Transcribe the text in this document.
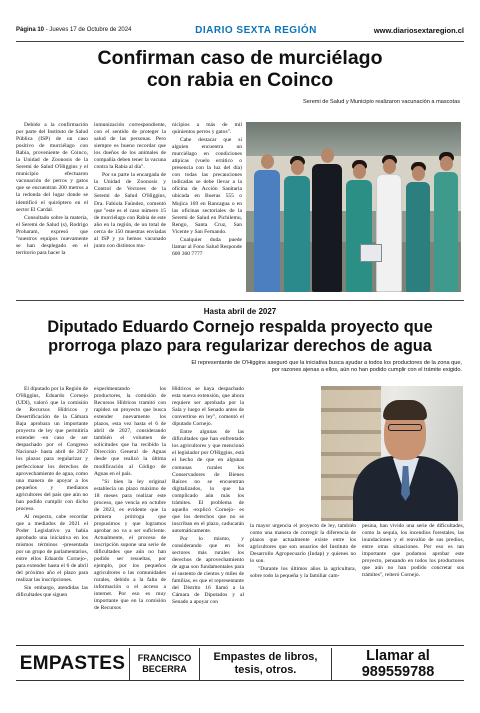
Página 10 - Jueves 17 de Octubre de 2024	DIARIO SEXTA REGIÓN	www.diariosextaregion.cl
Confirman caso de murciélago
con rabia en Coinco
Seremi de Salud y Municipio realizaron vacunación a mascotas

Debido a la confirmación por parte del Instituto de Salud Pública (ISP) de un caso positivo de murciélago con Rabia, proveniente de Coinco, la Unidad de Zoonosis de la Seremi de Salud O'Higgins y el municipio efectuaron vacunación de perros y gatos que se encuentran 200 metros a la redonda del lugar donde se identificó el quiróptero en el sector El Cardal.

Consultado sobre la materia, el Seremi de Salud (s), Rodrigo Proharam, expresó que "nuestros equipos nuevamente se han desplegado en el territorio para hacer la

inmunización correspondiente, con el sentido de proteger la salud de las personas. Pero siempre es bueno recordar que los dueños de los animales de compañía deben tener la vacuna contra la Rabia al día".

Por su parte la encargada de la Unidad de Zoonosis y Control de Vectores de la Seremi de Salud O'Higgins, Dra. Fabiola Faúndez, comentó que "este es el caso número 15 de murciélago con Rabia de este año en la región, de un total de cerca de 150 muestras enviadas al ISP y ya hemos vacunado junto con distintos mu-

nicipios a más de mil quinientos perros y gatos".

Cabe destacar que si alguien encuentra un murciélago en condiciones atípicas (vuelo errático o presencia con la luz del día) con todas las precauciones indicadas se debe llevar a la oficina de Acción Sanitaria ubicada en Bueras 555 o Mujica 169 en Rancagua o en las oficinas sectoriales de la Seremi de Salud en Pichilemu, Rengo, Santa Cruz, San Vicente y San Fernando.

Cualquier duda puede llamar al Fono Salud Responde 600 360 7777

Hasta abril de 2027
Diputado Eduardo Cornejo respalda proyecto que
prorroga plazo para regularizar derechos de agua
El representante de O'Higgins aseguró que la iniciativa busca ayudar a todos los productores de la zona que,
por razones ajenas a ellos, aún no han podido cumplir con el trámite exigido.

El diputado por la Región de O'Higgins, Eduardo Cornejo (UDI), valoró que la comisión de Recursos Hídricos y Desertificación de la Cámara Baja aprobara un importante proyecto de ley que permitiría extender -en caso de ser despachado por el Congreso Nacional- hasta abril de 2027 los plazos para regularizar y perfeccionar los derechos de aprovechamiento de agua, como una manera de apoyar a los pequeños y medianos agricultores del país que aún no han podido cumplir con dicho proceso.

Al respecto, cabe recordar que a mediados de 2021 el Poder Legislativo ya había aprobado una iniciativa en los mismos términos -presentada por un grupo de parlamentarios, entre ellos Eduardo Cornejo-, para extender hasta el 6 de abril del próximo año el plazo para realizar las inscripciones.

Sin embargo, atendidas las dificultades que siguen

experimentando los productores, la comisión de Recursos Hídricos tramitó con rapidez un proyecto que busca extender nuevamente los plazos, esta vez hasta el 6 de abril de 2027, considerando también el volumen de solicitudes que ha recibido la Dirección General de Aguas desde que realizó la última modificación al Código de Aguas en el país.

"Si bien la ley original establecía un plazo máximo de 18 meses para realizar este proceso, que vencía en octubre de 2023, es evidente que la primera prórroga que propusimos y que logramos aprobar no va a ser suficiente. Actualmente, el proceso de inscripción supone una serie de dificultades que aún no han podido ser resueltas, por ejemplo, por los pequeños agricultores o las comunidades rurales, debido a la falta de información o el acceso a internet. Por eso es muy importante que en la comisión de Recursos

Hídricos se haya despachado esta nueva extensión, que ahora requiere ser aprobada por la Sala y luego el Senado antes de convertirse en ley", comentó el diputado Cornejo.

Entre algunas de las dificultades que han enfrentado los agricultores y que mencionó el legislador por O'Higgins, está el hecho de que en algunas comunas rurales los Conservadores de Bienes Raíces no se encuentran digitalizados, lo que ha complicado aún más los trámites. El problema de aquello -explicó Cornejo- es que los derechos que no se inscriban en el plazo, caducarán automáticamente.

Por lo mismo, y considerando que en los sectores más rurales los derechos de aprovechamiento de agua son fundamentales para el sustento de cientos y miles de familias, es que el representante del Distrito 16 llamó a la Cámara de Diputados y al Senado a apoyar con

la mayor urgencia el proyecto de ley, también como una manera de corregir la diferencia de plazos que actualmente existe entre los agricultores que son usuarios del Instituto de Desarrollo Agropecuario (Indap) y quienes no lo son.

"Durante los últimos años la agricultura, sobre todo la pequeña y la familiar cam-

pesina, han vivido una serie de dificultades, como la sequía, los incendios forestales, las inundaciones y el reavalúo de sus predios, entre otras situaciones. Por eso es tan importante que podamos aprobar este proyecto, pensando en todos los productores que aún no han podido concretar sus trámites", reiteró Cornejo.

EMPASTES	FRANCISCO
BECERRA
Empastes de libros,
tesis, otros.
Llamar al 989559788
